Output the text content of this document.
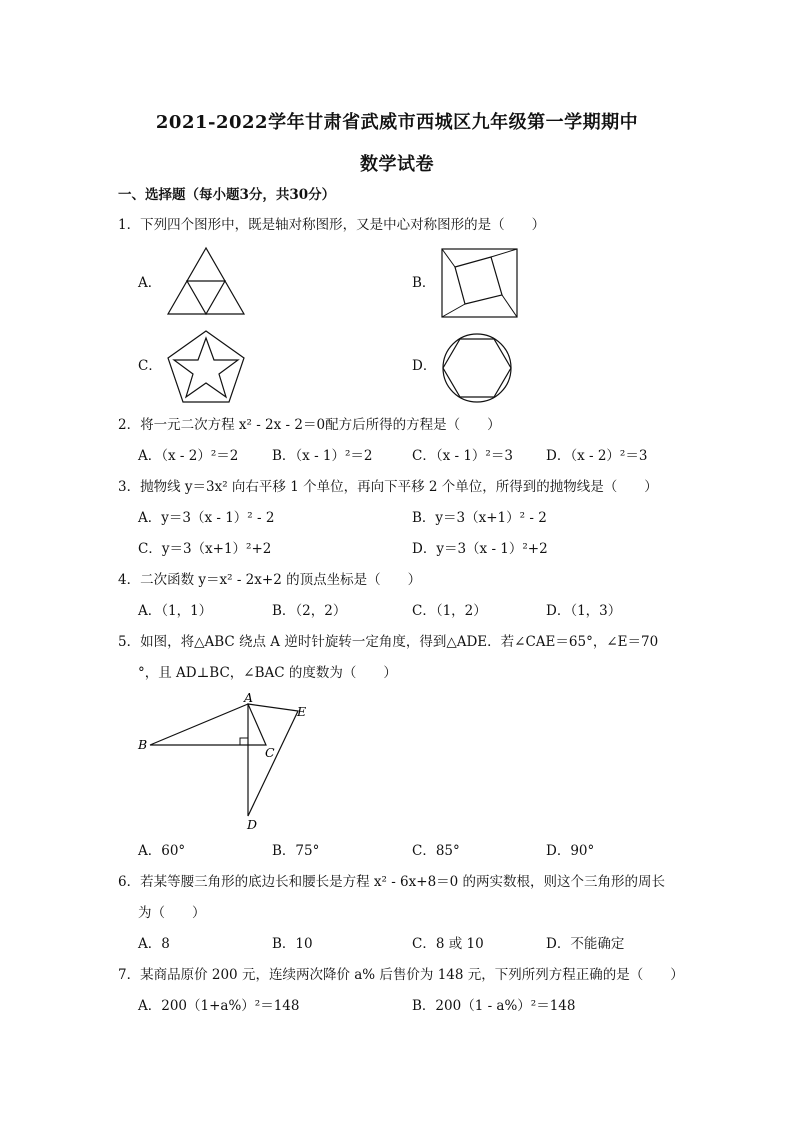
2021-2022学年甘肃省武威市西城区九年级第一学期期中
数学试卷
一、选择题（每小题3分，共30分）
1．下列四个图形中，既是轴对称图形，又是中心对称图形的是（　　）
A．	B．
C．	D．
2．将一元二次方程 x² - 2x - 2＝0配方后所得的方程是（　　）
A．（x - 2）²＝2 B．（x - 1）²＝2	C．（x - 1）²＝3 D．（x - 2）²＝3
3．抛物线 y＝3x² 向右平移 1 个单位，再向下平移 2 个单位，所得到的抛物线是（　　）
A．y＝3（x - 1）² - 2	B．y＝3（x+1）² - 2
C．y＝3（x+1）²+2	D．y＝3（x - 1）²+2
4．二次函数 y＝x² - 2x+2 的顶点坐标是（　　）
A．（1，1）	B．（2，2）	C．（1，2）	D．（1，3）
5．如图，将△ABC 绕点 A 逆时针旋转一定角度，得到△ADE．若∠CAE＝65°，∠E＝70
°，且 AD⊥BC，∠BAC 的度数为（　　）
A
B
C
D
E
A．60°	B．75°	C．85°	D．90°
6．若某等腰三角形的底边长和腰长是方程 x² - 6x+8＝0 的两实数根，则这个三角形的周长
为（　　）
A．8	B．10	C．8 或 10	D．不能确定
7．某商品原价 200 元，连续两次降价 a% 后售价为 148 元，下列所列方程正确的是（　　）
A．200（1+a%）²＝148	B．200（1 - a%）²＝148
